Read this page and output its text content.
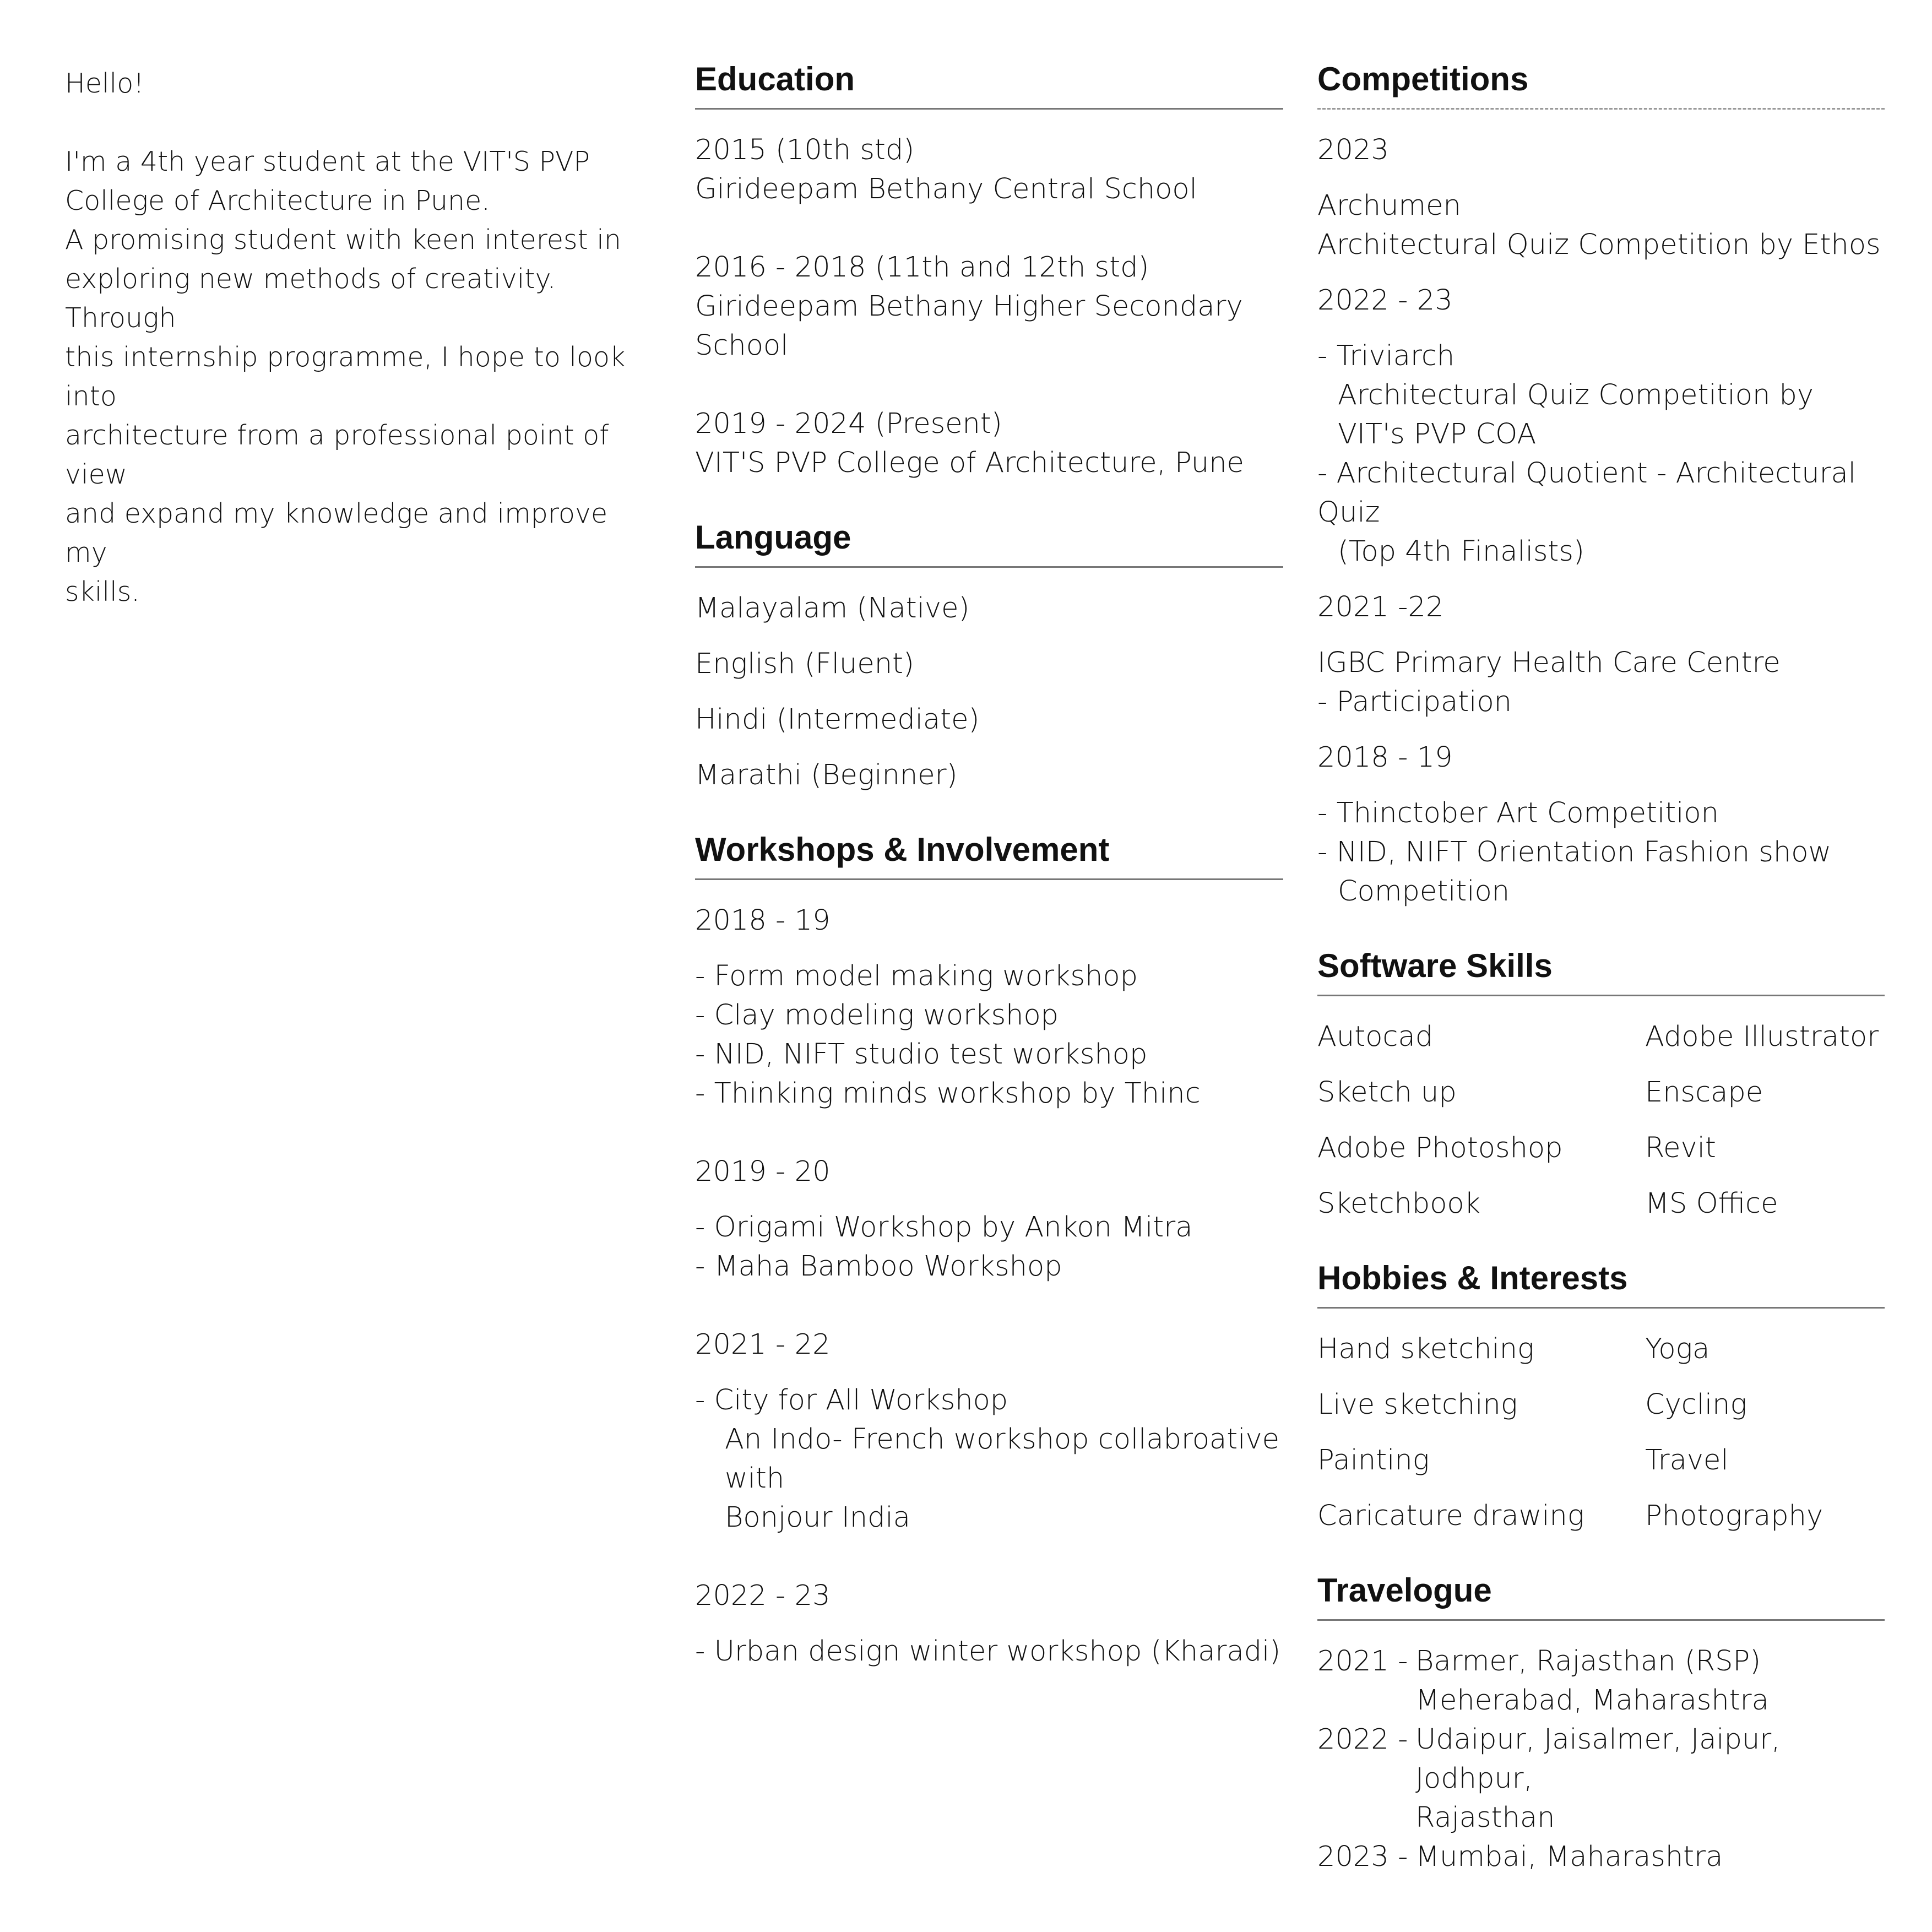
Hello!

I'm a 4th year student at the VIT'S PVP

College of Architecture in Pune.

A promising student with keen interest in

exploring new methods of creativity. Through

this internship programme, I hope to look into

architecture from a professional point of view

and expand my knowledge and improve my

skills.

Education
2015 (10th std)
Girideepam Bethany Central School
2016 - 2018 (11th and 12th std)
Girideepam Bethany Higher Secondary School
2019 - 2024 (Present)
VIT'S PVP College of Architecture, Pune
Language
Malayalam (Native)
English (Fluent)
Hindi (Intermediate)
Marathi (Beginner)
Workshops & Involvement
2018 - 19
- Form model making workshop
- Clay modeling workshop
- NID, NIFT studio test workshop
- Thinking minds workshop by Thinc
2019 - 20
- Origami Workshop by Ankon Mitra
- Maha Bamboo Workshop
2021 - 22
- City for All Workshop
An Indo- French workshop collabroative with
Bonjour India
2022 - 23
- Urban design winter workshop (Kharadi)
Competitions
2023
Archumen
Architectural Quiz Competition by Ethos
2022 - 23
- Triviarch
Architectural Quiz Competition by
VIT's PVP COA
- Architectural Quotient - Architectural Quiz
(Top 4th Finalists)
2021 -22
IGBC Primary Health Care Centre
- Participation
2018 - 19
- Thinctober Art Competition
- NID, NIFT Orientation Fashion show
Competition
Software Skills
Autocad	Adobe Illustrator
Sketch up	Enscape
Adobe Photoshop	Revit
Sketchbook	MS Office
Hobbies & Interests
Hand sketching	Yoga
Live sketching	Cycling
Painting	Travel
Caricature drawing	Photography
Travelogue
2021 - Barmer, Rajasthan (RSP)
Meherabad, Maharashtra
2022 - Udaipur, Jaisalmer, Jaipur, Jodhpur,
Rajasthan
2023 - Mumbai, Maharashtra
